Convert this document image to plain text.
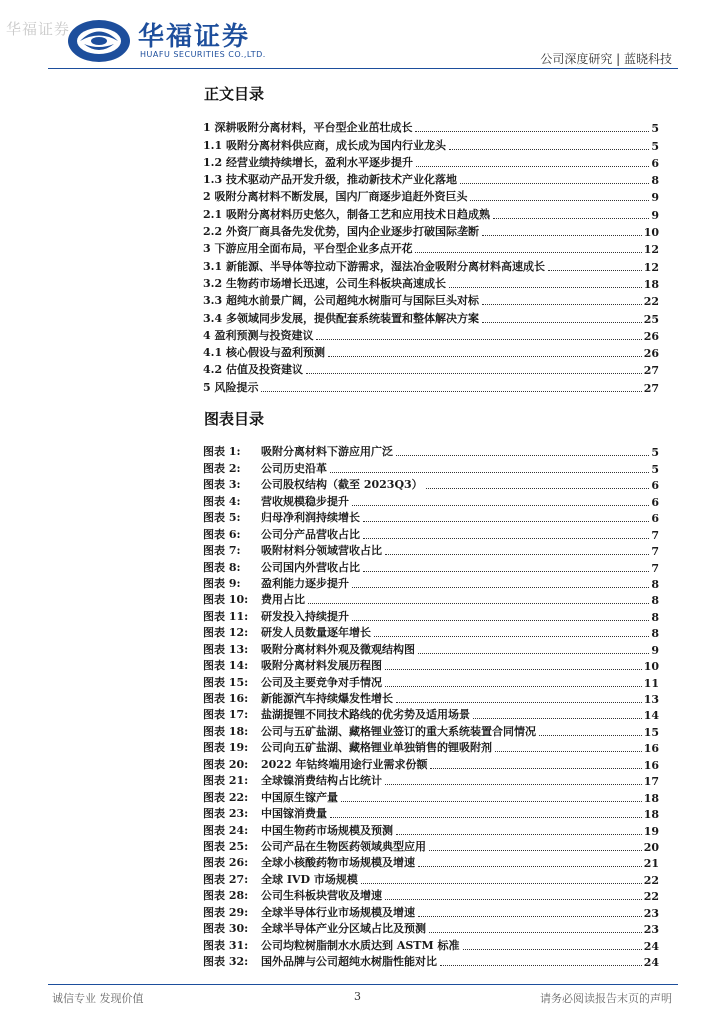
华福证券	华福证券
HUAFU SECURITIES CO.,LTD.	公司深度研究 | 蓝晓科技
正文目录
1 深耕吸附分离材料，平台型企业茁壮成长	5
1.1 吸附分离材料供应商，成长成为国内行业龙头	5
1.2 经营业绩持续增长，盈利水平逐步提升	6
1.3 技术驱动产品开发升级，推动新技术产业化落地	8
2 吸附分离材料不断发展，国内厂商逐步追赶外资巨头	9
2.1 吸附分离材料历史悠久，制备工艺和应用技术日趋成熟	9
2.2 外资厂商具备先发优势，国内企业逐步打破国际垄断	10
3 下游应用全面布局，平台型企业多点开花	12
3.1 新能源、半导体等拉动下游需求，湿法冶金吸附分离材料高速成长	12
3.2 生物药市场增长迅速，公司生科板块高速成长	18
3.3 超纯水前景广阔，公司超纯水树脂可与国际巨头对标	22
3.4 多领域同步发展，提供配套系统装置和整体解决方案	25
4 盈利预测与投资建议	26
4.1 核心假设与盈利预测	26
4.2 估值及投资建议	27
5 风险提示	27
图表目录
图表 1:	吸附分离材料下游应用广泛	5
图表 2:	公司历史沿革	5
图表 3:	公司股权结构（截至 2023Q3）	6
图表 4:	营收规模稳步提升	6
图表 5:	归母净利润持续增长	6
图表 6:	公司分产品营收占比	7
图表 7:	吸附材料分领域营收占比	7
图表 8:	公司国内外营收占比	7
图表 9:	盈利能力逐步提升	8
图表 10:	费用占比	8
图表 11:	研发投入持续提升	8
图表 12:	研发人员数量逐年增长	8
图表 13:	吸附分离材料外观及微观结构图	9
图表 14:	吸附分离材料发展历程图	10
图表 15:	公司及主要竞争对手情况	11
图表 16:	新能源汽车持续爆发性增长	13
图表 17:	盐湖提锂不同技术路线的优劣势及适用场景	14
图表 18:	公司与五矿盐湖、藏格锂业签订的重大系统装置合同情况	15
图表 19:	公司向五矿盐湖、藏格锂业单独销售的锂吸附剂	16
图表 20:	2022 年钴终端用途行业需求份额	16
图表 21:	全球镍消费结构占比统计	17
图表 22:	中国原生镓产量	18
图表 23:	中国镓消费量	18
图表 24:	中国生物药市场规模及预测	19
图表 25:	公司产品在生物医药领域典型应用	20
图表 26:	全球小核酸药物市场规模及增速	21
图表 27:	全球 IVD 市场规模	22
图表 28:	公司生科板块营收及增速	22
图表 29:	全球半导体行业市场规模及增速	23
图表 30:	全球半导体产业分区域占比及预测	23
图表 31:	公司均粒树脂制水水质达到 ASTM 标准	24
图表 32:	国外品牌与公司超纯水树脂性能对比	24
诚信专业 发现价值	3	请务必阅读报告末页的声明
